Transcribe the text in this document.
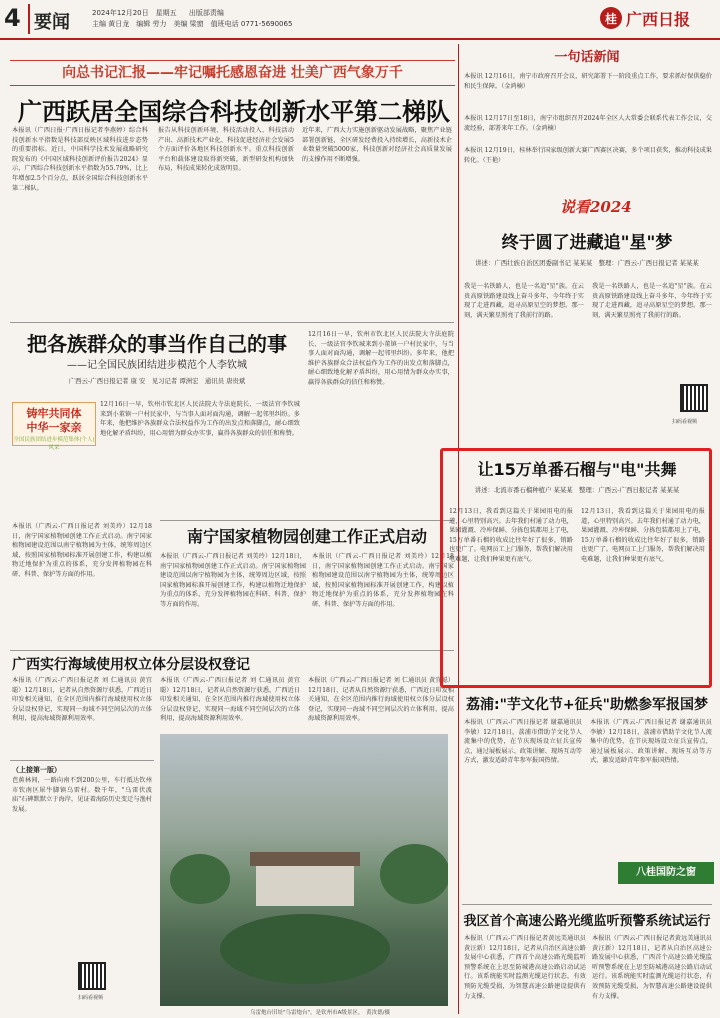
4 要闻	2024年12月20日　星期五 出版部责编
主编 黄日龙　编辑 劳力　美编 梁窗　值班电话 0771-5690065	桂 广西日报
向总书记汇报——牢记嘱托感恩奋进 壮美广西气象万千
广西跃居全国综合科技创新水平第二梯队
本报讯（广西日报·广西日报记者李燕婷）综合科技创新水平指数是科技部反映区域科技进步态势的重要指标。近日，中国科学技术发展战略研究院发布的《中国区域科技创新评价报告2024》显示，广西综合科技创新水平指数为55.79%，比上年增加2.5个百分点，跃居全国综合科技创新水平第二梯队。
报告从科技创新环境、科技活动投入、科技活动产出、高新技术产业化、科技促进经济社会发展5个方面评价各地区科技创新水平。重点科技创新平台和载体建设取得新突破，新型研发机构加快布局，科技成果转化成效明显。
近年来，广西大力实施创新驱动发展战略，聚焦产业链部署创新链，全区研发经费投入持续增长，高新技术企业数量突破5000家，科技创新对经济社会高质量发展的支撑作用不断增强。
把各族群众的事当作自己的事
——记全国民族团结进步模范个人李钦城
广西云-广西日报记者 康 安　见习记者 谭洲宏　通讯员 唐贵斌
铸牢共同体
中华一家亲
全国民族团结进步模范集体(个人)风采
12月16日一早，钦州市钦北区人民法院大寺法庭院长、一级法官李钦城来到小董镇一户村民家中，与当事人面对面沟通，调解一起邻里纠纷。多年来，他把维护各族群众合法权益作为工作的出发点和落脚点，耐心细致地化解矛盾纠纷，用心用情为群众办实事，赢得各族群众的信任和称赞。
12月16日一早，钦州市钦北区人民法院大寺法庭院长、一级法官李钦城来到小董镇一户村民家中，与当事人面对面沟通，调解一起邻里纠纷。多年来，他把维护各族群众合法权益作为工作的出发点和落脚点，耐心细致地化解矛盾纠纷，用心用情为群众办实事，赢得各族群众的信任和称赞。
南宁国家植物园创建工作正式启动
本报讯（广西云-广西日报记者 刘美玲）12月18日，南宁国家植物园创建工作正式启动。南宁国家植物园建设范围以南宁植物园为主体，统筹周边区域，按照国家植物园标准开展创建工作，构建以植物迁地保护为重点的体系，充分发挥植物园在科研、科普、保护等方面的作用。
本报讯（广西云-广西日报记者 刘美玲）12月18日，南宁国家植物园创建工作正式启动。南宁国家植物园建设范围以南宁植物园为主体，统筹周边区域，按照国家植物园标准开展创建工作，构建以植物迁地保护为重点的体系，充分发挥植物园在科研、科普、保护等方面的作用。
本报讯（广西云-广西日报记者 刘美玲）12月18日，南宁国家植物园创建工作正式启动。南宁国家植物园建设范围以南宁植物园为主体，统筹周边区域，按照国家植物园标准开展创建工作，构建以植物迁地保护为重点的体系，充分发挥植物园在科研、科普、保护等方面的作用。
广西实行海域使用权立体分层设权登记
本报讯（广西云-广西日报记者 刘 仁通讯员 黄宜聪）12月18日，记者从自然资源厅获悉，广西近日印发相关通知，在全区范围内推行海域使用权立体分层设权登记，实现同一海域不同空间层次的立体利用，提高海域资源利用效率。
本报讯（广西云-广西日报记者 刘 仁通讯员 黄宜聪）12月18日，记者从自然资源厅获悉，广西近日印发相关通知，在全区范围内推行海域使用权立体分层设权登记，实现同一海域不同空间层次的立体利用，提高海域资源利用效率。
本报讯（广西云-广西日报记者 刘 仁通讯员 黄宜聪）12月18日，记者从自然资源厅获悉，广西近日印发相关通知，在全区范围内推行海域使用权立体分层设权登记，实现同一海域不同空间层次的立体利用，提高海域资源利用效率。
（上接第一版）
芭蕉林间，一路向南不到200公里，车行抵达钦州市钦南区犀牛脚镇乌雷村。数千年，"乌雷伏波庙"石碑默默立于海岸，见证着海防历史变迁与渔村发展。
扫码看视频
乌雷炮台旧址"乌雷炮台"，是钦州市A级景区。　黄汝德/摄
一句话新闻
本报讯 12月16日，南宁市政府召开会议，研究部署下一阶段重点工作，要求抓好保供稳价和民生保障。（金鸿楠）
本报讯 12月17日至18日，南宁市组织召开2024年全区人大常委会联系代表工作会议，交流经验，部署来年工作。（金鸿楠）
本报讯 12月19日，桂林举行国家级创新大赛广西赛区决赛，多个项目获奖，推动科技成果转化。（王艳）
说看2024
终于圆了进藏追"星"梦
讲述：广西壮族自治区团委副书记 某某某　整理：广西云-广西日报记者 某某某
我是一名铁路人，也是一名追"星"族。在云贵高原铁路建设线上奋斗多年，今年终于实现了走进西藏，追寻高原星空的梦想。那一刻，满天繁星照亮了我前行的路。
我是一名铁路人，也是一名追"星"族。在云贵高原铁路建设线上奋斗多年，今年终于实现了走进西藏，追寻高原星空的梦想。那一刻，满天繁星照亮了我前行的路。
扫码看视频
让15万单番石榴与"电"共舞
讲述：北流市番石榴种植户 某某某　整理：广西云-广西日报记者 某某某
12月13日，我看到这篇关于果园用电的报道，心里特别高兴。去年我们村通了动力电，果园灌溉、冷库保鲜、分拣包装都用上了电，15万单番石榴的收成比往年好了很多，销路也更广了。电网员工上门服务，帮我们解决用电难题，让我们种果更有底气。
12月13日，我看到这篇关于果园用电的报道，心里特别高兴。去年我们村通了动力电，果园灌溉、冷库保鲜、分拣包装都用上了电，15万单番石榴的收成比往年好了很多，销路也更广了。电网员工上门服务，帮我们解决用电难题，让我们种果更有底气。
荔浦:"芋文化节+征兵"助燃参军报国梦
本报讯（广西云-广西日报记者 谢嘉通讯员 李敏）12月18日，荔浦市借助芋文化节人流集中的优势，在节庆现场设立征兵宣传点，通过展板展示、政策讲解、现场互动等方式，激发适龄青年参军报国热情。
本报讯（广西云-广西日报记者 谢嘉通讯员 李敏）12月18日，荔浦市借助芋文化节人流集中的优势，在节庆现场设立征兵宣传点，通过展板展示、政策讲解、现场互动等方式，激发适龄青年参军报国热情。
八桂国防之窗
我区首个高速公路光缆监听预警系统试运行
本报讯（广西云-广西日报记者黄远美通讯员黄汪新）12月18日，记者从自治区高速公路发展中心获悉，广西首个高速公路光缆监听预警系统在上思至防城港高速公路启动试运行。该系统能实时监测光缆运行状态，有效预防光缆受损，为智慧高速公路建设提供有力支撑。
本报讯（广西云-广西日报记者黄远美通讯员黄汪新）12月18日，记者从自治区高速公路发展中心获悉，广西首个高速公路光缆监听预警系统在上思至防城港高速公路启动试运行。该系统能实时监测光缆运行状态，有效预防光缆受损，为智慧高速公路建设提供有力支撑。
